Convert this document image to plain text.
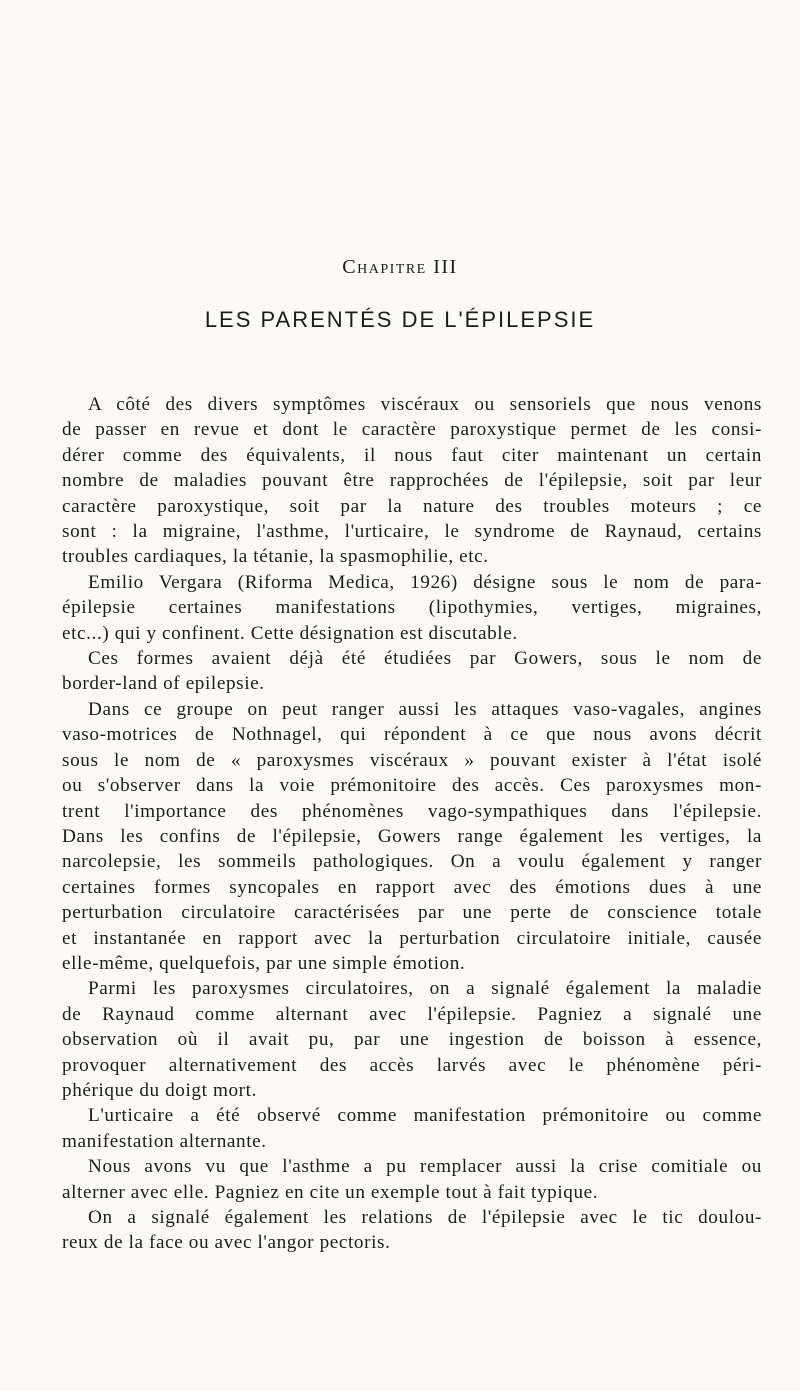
Chapitre III
LES PARENTÉS DE L'ÉPILEPSIE
A côté des divers symptômes viscéraux ou sensoriels que nous venons
de passer en revue et dont le caractère paroxystique permet de les consi-
dérer comme des équivalents, il nous faut citer maintenant un certain
nombre de maladies pouvant être rapprochées de l'épilepsie, soit par leur
caractère paroxystique, soit par la nature des troubles moteurs ; ce
sont : la migraine, l'asthme, l'urticaire, le syndrome de Raynaud, certains
troubles cardiaques, la tétanie, la spasmophilie, etc.
Emilio Vergara (Riforma Medica, 1926) désigne sous le nom de para-
épilepsie certaines manifestations (lipothymies, vertiges, migraines,
etc...) qui y confinent. Cette désignation est discutable.
Ces formes avaient déjà été étudiées par Gowers, sous le nom de
border-land of epilepsie.
Dans ce groupe on peut ranger aussi les attaques vaso-vagales, angines
vaso-motrices de Nothnagel, qui répondent à ce que nous avons décrit
sous le nom de « paroxysmes viscéraux » pouvant exister à l'état isolé
ou s'observer dans la voie prémonitoire des accès. Ces paroxysmes mon-
trent l'importance des phénomènes vago-sympathiques dans l'épilepsie.
Dans les confins de l'épilepsie, Gowers range également les vertiges, la
narcolepsie, les sommeils pathologiques. On a voulu également y ranger
certaines formes syncopales en rapport avec des émotions dues à une
perturbation circulatoire caractérisées par une perte de conscience totale
et instantanée en rapport avec la perturbation circulatoire initiale, causée
elle-même, quelquefois, par une simple émotion.
Parmi les paroxysmes circulatoires, on a signalé également la maladie
de Raynaud comme alternant avec l'épilepsie. Pagniez a signalé une
observation où il avait pu, par une ingestion de boisson à essence,
provoquer alternativement des accès larvés avec le phénomène péri-
phérique du doigt mort.
L'urticaire a été observé comme manifestation prémonitoire ou comme
manifestation alternante.
Nous avons vu que l'asthme a pu remplacer aussi la crise comitiale ou
alterner avec elle. Pagniez en cite un exemple tout à fait typique.
On a signalé également les relations de l'épilepsie avec le tic doulou-
reux de la face ou avec l'angor pectoris.
